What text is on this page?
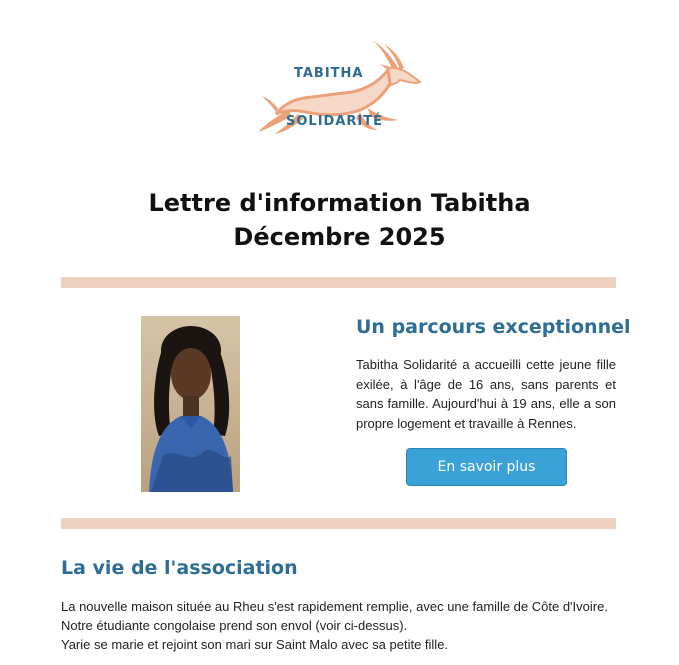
TABITHA
SOLIDARITÉ
Lettre d'information Tabitha
Décembre 2025
Un parcours exceptionnel
Tabitha Solidarité a accueilli cette jeune fille exilée, à l'âge de 16 ans, sans parents et sans famille. Aujourd'hui à 19 ans, elle a son propre logement et travaille à Rennes.
En savoir plus
La vie de l'association

La nouvelle maison située au Rheu s'est rapidement remplie, avec une famille de Côte d'Ivoire.

Notre étudiante congolaise prend son envol (voir ci-dessus).

Yarie se marie et rejoint son mari sur Saint Malo avec sa petite fille.
